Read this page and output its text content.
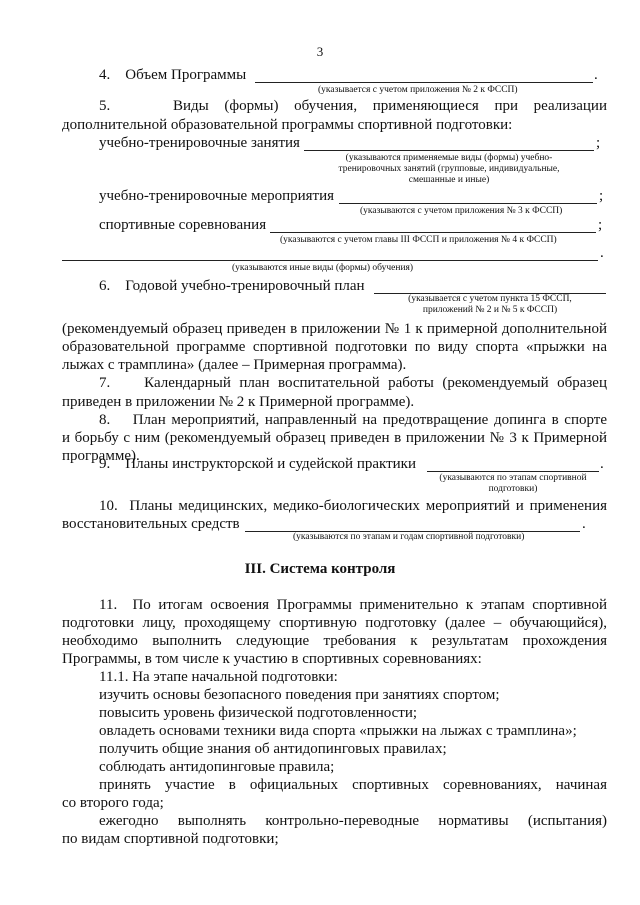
3
4.    Объем Программы	.
(указывается с учетом приложения № 2 к ФССП)
5.    Виды (формы) обучения, применяющиеся при реализации
дополнительной образовательной программы спортивной подготовки:
учебно-тренировочные занятия	;
(указываются применяемые виды (формы) учебно-
тренировочных занятий (групповые, индивидуальные,
смешанные и иные)
учебно-тренировочные мероприятия	;
(указываются с учетом приложения № 3 к ФССП)
спортивные соревнования	;
(указываются с учетом главы III ФССП и приложения № 4 к ФССП)
.
(указываются иные виды (формы) обучения)
6.    Годовой учебно-тренировочный план
(указывается с учетом пункта 15 ФССП,
приложений № 2 и № 5 к ФССП)
(рекомендуемый образец приведен в приложении № 1 к примерной дополнительной
образовательной программе спортивной подготовки по виду спорта «прыжки на
лыжах с трамплина» (далее – Примерная программа).
7.    Календарный план воспитательной работы (рекомендуемый образец
приведен в приложении № 2 к Примерной программе).
8.    План мероприятий, направленный на предотвращение допинга в спорте
и борьбу с ним (рекомендуемый образец приведен в приложении № 3 к Примерной
программе).
9.    Планы инструкторской и судейской практики	.
(указываются по этапам спортивной
подготовки)
10.  Планы медицинских, медико-биологических мероприятий и применения
восстановительных средств	.
(указываются по этапам и годам спортивной подготовки)
III. Система контроля
11.  По итогам освоения Программы применительно к этапам спортивной
подготовки лицу, проходящему спортивную подготовку (далее – обучающийся),
необходимо выполнить следующие требования к результатам прохождения
Программы, в том числе к участию в спортивных соревнованиях:
11.1. На этапе начальной подготовки:
изучить основы безопасного поведения при занятиях спортом;
повысить уровень физической подготовленности;
овладеть основами техники вида спорта «прыжки на лыжах с трамплина»;
получить общие знания об антидопинговых правилах;
соблюдать антидопинговые правила;
принять участие в официальных спортивных соревнованиях, начиная
со второго года;
ежегодно выполнять контрольно-переводные нормативы (испытания)
по видам спортивной подготовки;
